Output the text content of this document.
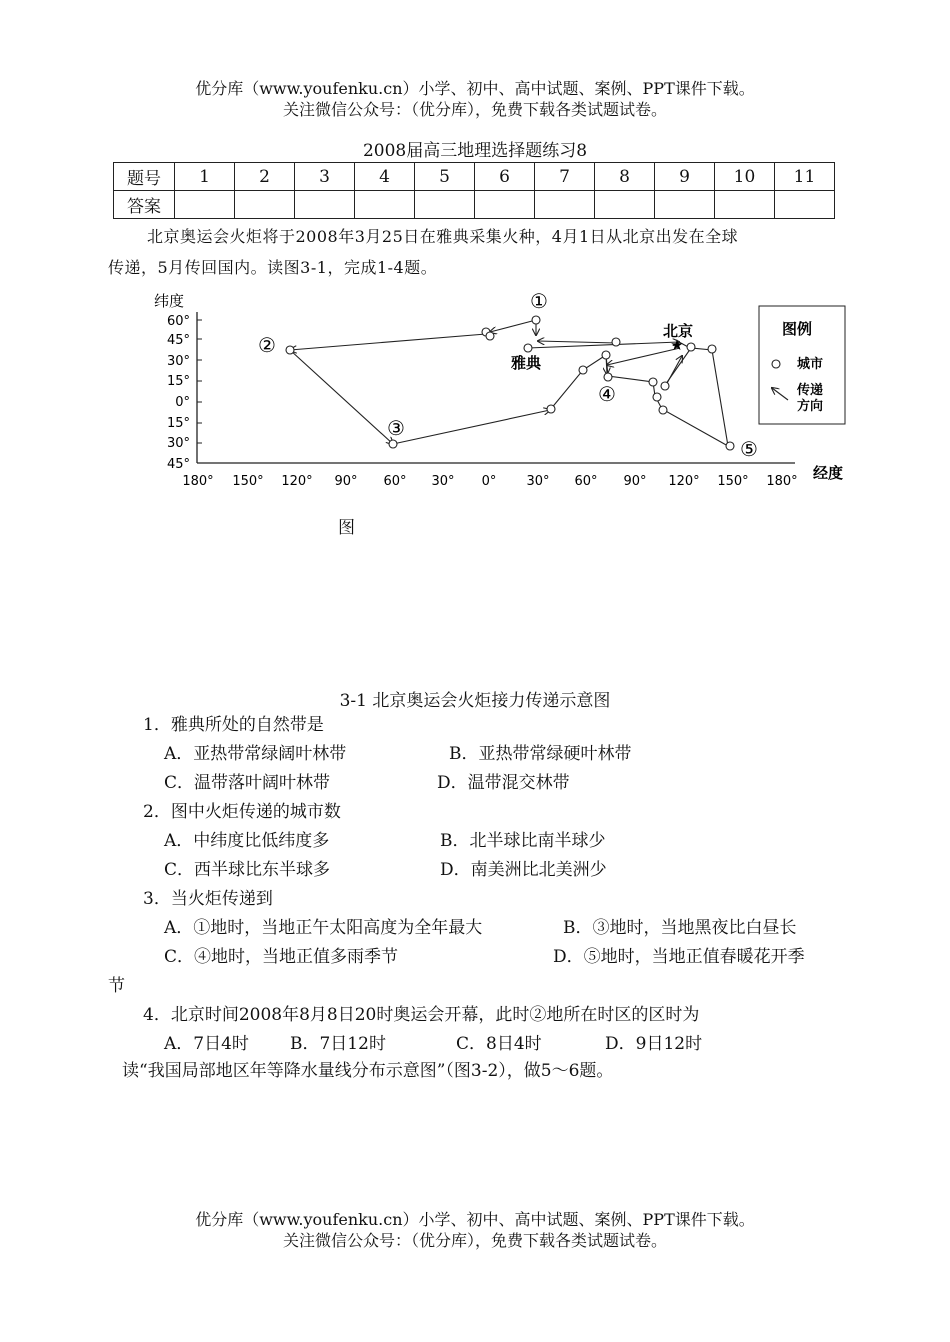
优分库（www.youfenku.cn）小学、初中、高中试题、案例、PPT课件下载。
关注微信公众号：（优分库），免费下载各类试题试卷。
2008届高三地理选择题练习8
题号	1	2	3	4	5	6	7	8	9	10	11
答案											
北京奥运会火炬将于2008年3月25日在雅典采集火种，4月1日从北京出发在全球
传递，5月传回国内。读图3-1，完成1-4题。
纬度
60°
45°
30°
15°
0°
15°
30°
45°
180° 150° 120° 90° 60° 30° 0° 30° 60° 90° 120° 150° 180° 经度
★
北京
雅典
①
②
③
④
⑤
图例
城市
传递
方向
图
3-1 北京奥运会火炬接力传递示意图
1．雅典所处的自然带是
A．亚热带常绿阔叶林带	B．亚热带常绿硬叶林带
C．温带落叶阔叶林带	D．温带混交林带
2．图中火炬传递的城市数
A．中纬度比低纬度多	B．北半球比南半球少
C．西半球比东半球多	D．南美洲比北美洲少
3．当火炬传递到
A．①地时，当地正午太阳高度为全年最大	B．③地时，当地黑夜比白昼长
C．④地时，当地正值多雨季节	D．⑤地时，当地正值春暖花开季
节
4．北京时间2008年8月8日20时奥运会开幕，此时②地所在时区的区时为
A．7日4时 B．7日12时	C．8日4时	D．9日12时
读“我国局部地区年等降水量线分布示意图”（图3-2），做5～6题。
优分库（www.youfenku.cn）小学、初中、高中试题、案例、PPT课件下载。
关注微信公众号：（优分库），免费下载各类试题试卷。
